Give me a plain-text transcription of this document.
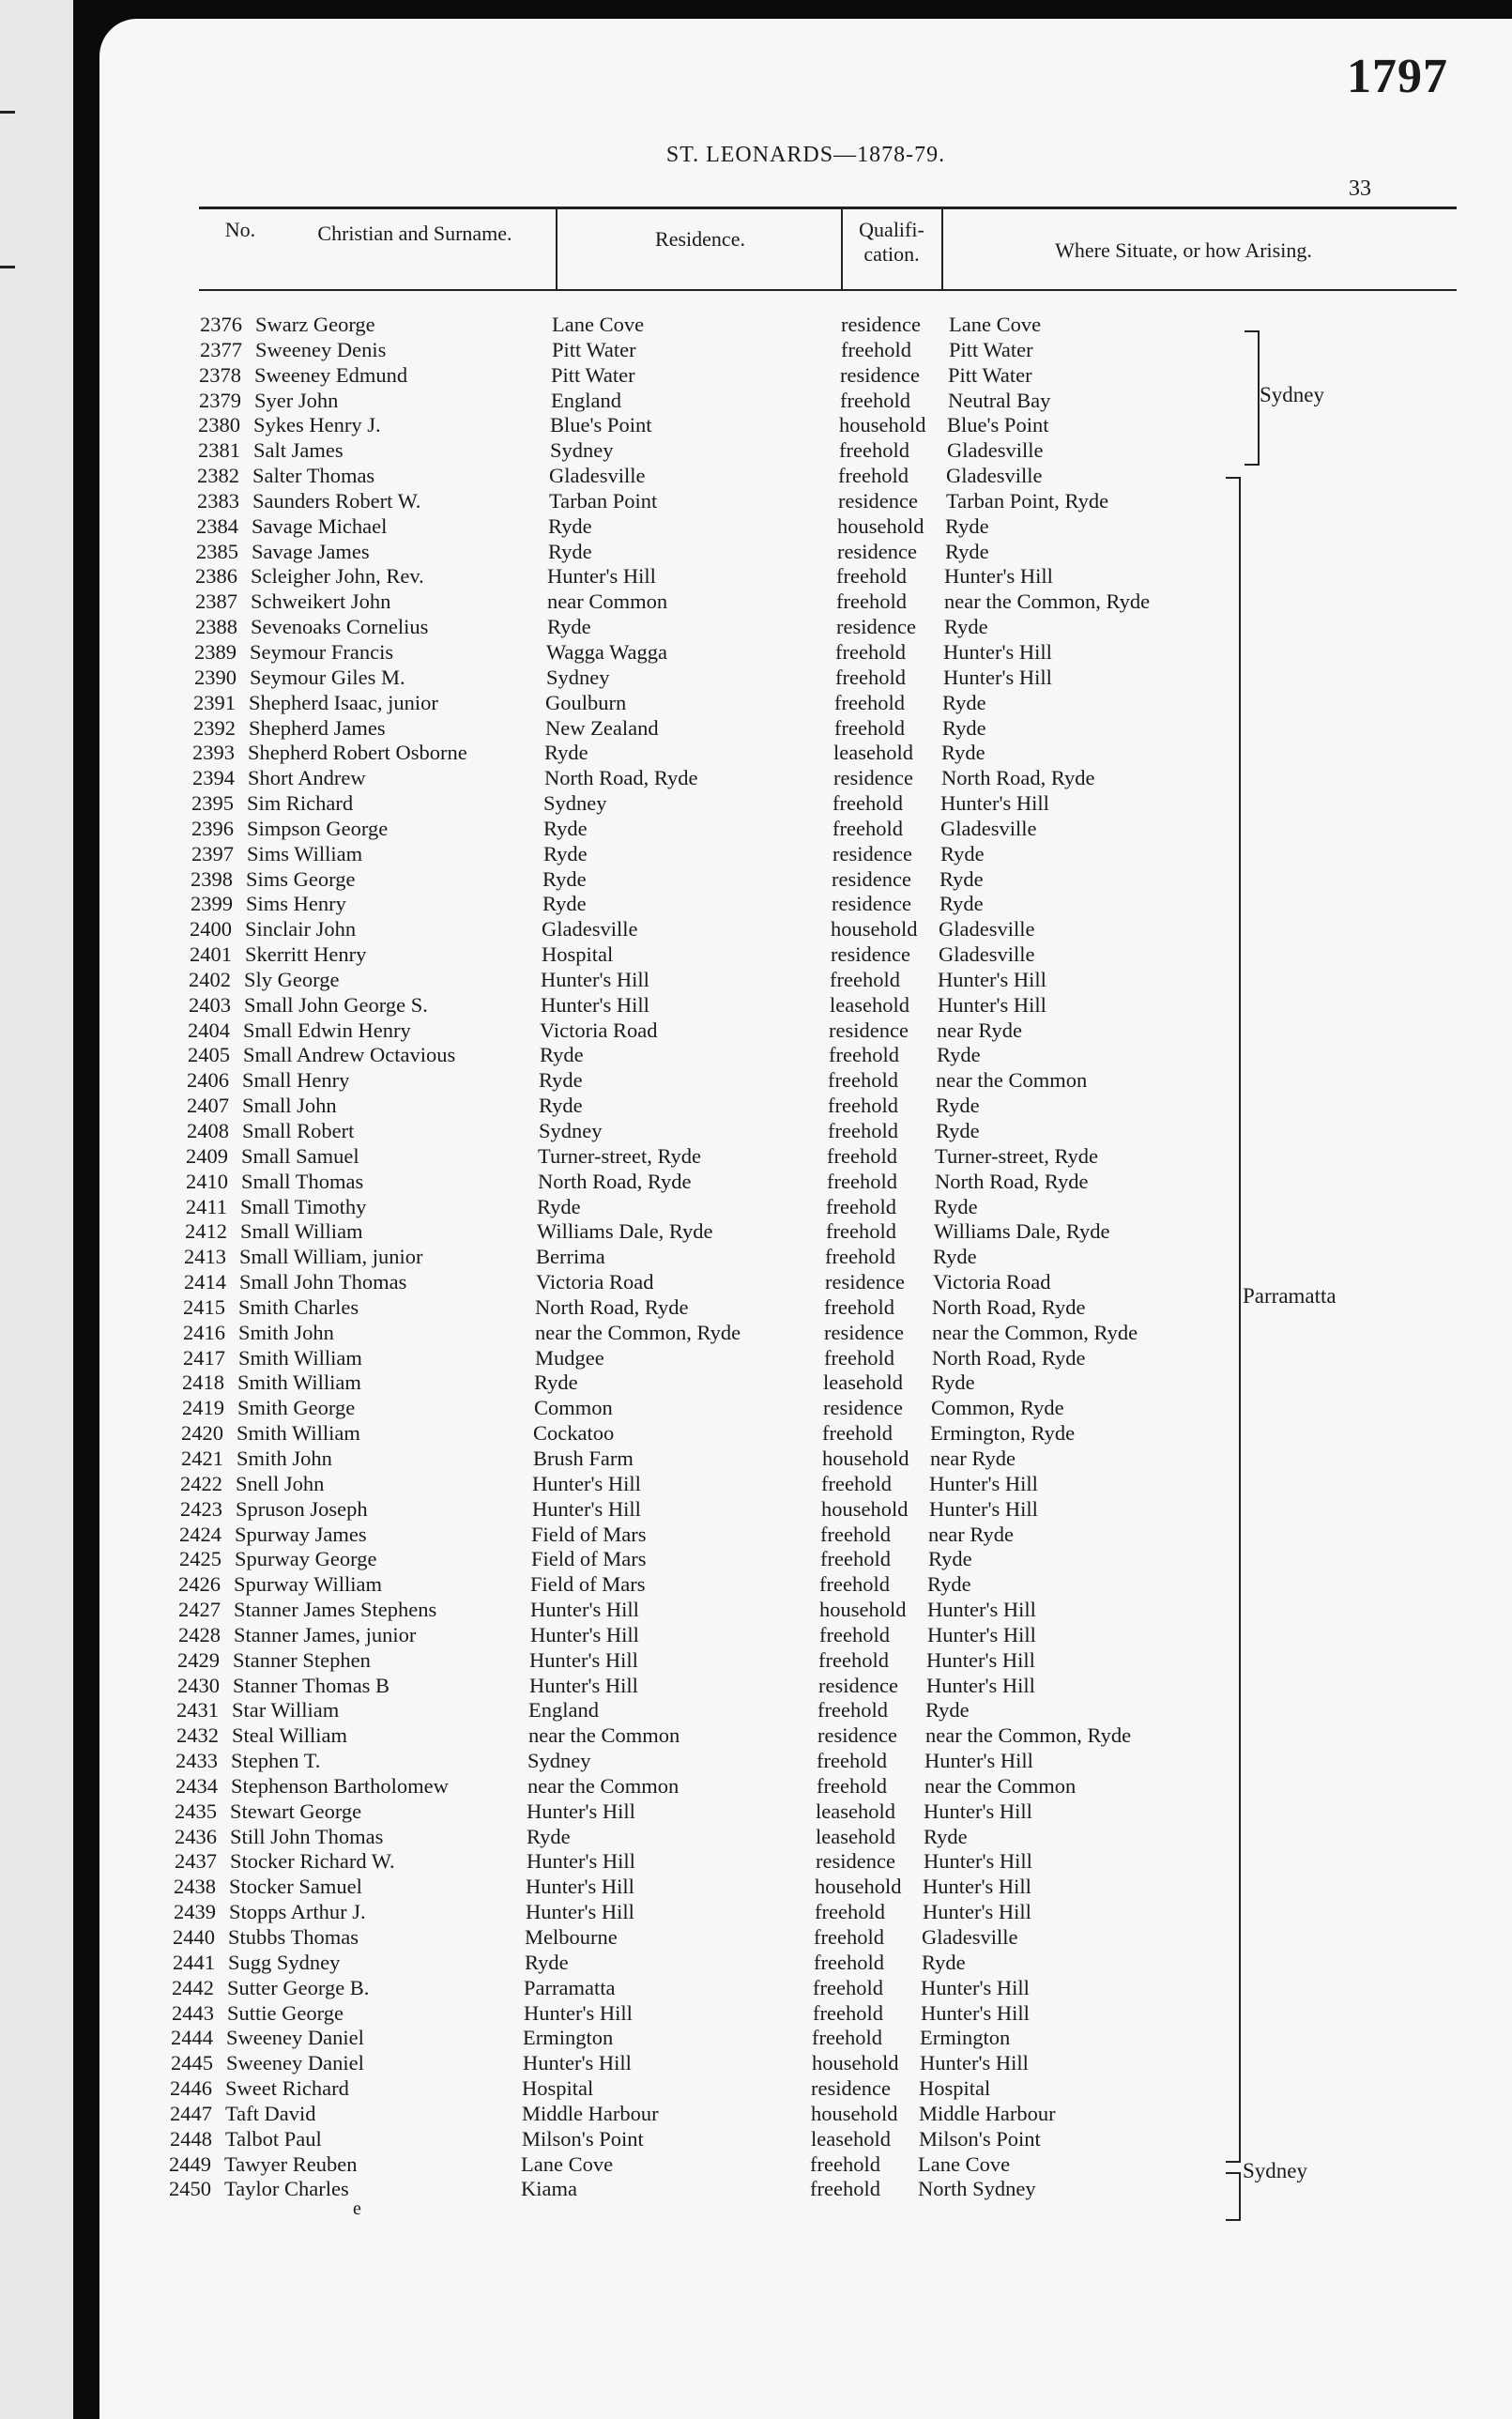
1797
ST. LEONARDS—1878-79.
33
No.	Christian and Surname.	Residence.	Qualifi-
cation.	Where Situate, or how Arising.
2376 Swarz George	Lane Cove	residence Lane Cove
2377 Sweeney Denis	Pitt Water	freehold Pitt Water
2378 Sweeney Edmund	Pitt Water	residence Pitt Water
2379 Syer John	England	freehold Neutral Bay
2380 Sykes Henry J.	Blue's Point	household Blue's Point
2381 Salt James	Sydney	freehold Gladesville
2382 Salter Thomas	Gladesville	freehold Gladesville
2383 Saunders Robert W.	Tarban Point	residence Tarban Point, Ryde
2384 Savage Michael	Ryde	household Ryde
2385 Savage James	Ryde	residence Ryde
2386 Scleigher John, Rev.	Hunter's Hill	freehold Hunter's Hill
2387 Schweikert John	near Common	freehold near the Common, Ryde
2388 Sevenoaks Cornelius	Ryde	residence Ryde
2389 Seymour Francis	Wagga Wagga	freehold Hunter's Hill
2390 Seymour Giles M.	Sydney	freehold Hunter's Hill
2391 Shepherd Isaac, junior	Goulburn	freehold Ryde
2392 Shepherd James	New Zealand	freehold Ryde
2393 Shepherd Robert Osborne	Ryde	leasehold Ryde
2394 Short Andrew	North Road, Ryde	residence North Road, Ryde
2395 Sim Richard	Sydney	freehold Hunter's Hill
2396 Simpson George	Ryde	freehold Gladesville
2397 Sims William	Ryde	residence Ryde
2398 Sims George	Ryde	residence Ryde
2399 Sims Henry	Ryde	residence Ryde
2400 Sinclair John	Gladesville	household Gladesville
2401 Skerritt Henry	Hospital	residence Gladesville
2402 Sly George	Hunter's Hill	freehold Hunter's Hill
2403 Small John George S.	Hunter's Hill	leasehold Hunter's Hill
2404 Small Edwin Henry	Victoria Road	residence near Ryde
2405 Small Andrew Octavious	Ryde	freehold Ryde
2406 Small Henry	Ryde	freehold near the Common
2407 Small John	Ryde	freehold Ryde
2408 Small Robert	Sydney	freehold Ryde
2409 Small Samuel	Turner-street, Ryde	freehold Turner-street, Ryde
2410 Small Thomas	North Road, Ryde	freehold North Road, Ryde
2411 Small Timothy	Ryde	freehold Ryde
2412 Small William	Williams Dale, Ryde	freehold Williams Dale, Ryde
2413 Small William, junior	Berrima	freehold Ryde
2414 Small John Thomas	Victoria Road	residence Victoria Road
2415 Smith Charles	North Road, Ryde	freehold North Road, Ryde
2416 Smith John	near the Common, Ryde	residence near the Common, Ryde
2417 Smith William	Mudgee	freehold North Road, Ryde
2418 Smith William	Ryde	leasehold Ryde
2419 Smith George	Common	residence Common, Ryde
2420 Smith William	Cockatoo	freehold Ermington, Ryde
2421 Smith John	Brush Farm	household near Ryde
2422 Snell John	Hunter's Hill	freehold Hunter's Hill
2423 Spruson Joseph	Hunter's Hill	household Hunter's Hill
2424 Spurway James	Field of Mars	freehold near Ryde
2425 Spurway George	Field of Mars	freehold Ryde
2426 Spurway William	Field of Mars	freehold Ryde
2427 Stanner James Stephens	Hunter's Hill	household Hunter's Hill
2428 Stanner James, junior	Hunter's Hill	freehold Hunter's Hill
2429 Stanner Stephen	Hunter's Hill	freehold Hunter's Hill
2430 Stanner Thomas B	Hunter's Hill	residence Hunter's Hill
2431 Star William	England	freehold Ryde
2432 Steal William	near the Common	residence near the Common, Ryde
2433 Stephen T.	Sydney	freehold Hunter's Hill
2434 Stephenson Bartholomew	near the Common	freehold near the Common
2435 Stewart George	Hunter's Hill	leasehold Hunter's Hill
2436 Still John Thomas	Ryde	leasehold Ryde
2437 Stocker Richard W.	Hunter's Hill	residence Hunter's Hill
2438 Stocker Samuel	Hunter's Hill	household Hunter's Hill
2439 Stopps Arthur J.	Hunter's Hill	freehold Hunter's Hill
2440 Stubbs Thomas	Melbourne	freehold Gladesville
2441 Sugg Sydney	Ryde	freehold Ryde
2442 Sutter George B.	Parramatta	freehold Hunter's Hill
2443 Suttie George	Hunter's Hill	freehold Hunter's Hill
2444 Sweeney Daniel	Ermington	freehold Ermington
2445 Sweeney Daniel	Hunter's Hill	household Hunter's Hill
2446 Sweet Richard	Hospital	residence Hospital
2447 Taft David	Middle Harbour	household Middle Harbour
2448 Talbot Paul	Milson's Point	leasehold Milson's Point
2449 Tawyer Reuben	Lane Cove	freehold Lane Cove
2450 Taylor Charles	Kiama	freehold North Sydney
Sydney
Parramatta
Sydney
e
